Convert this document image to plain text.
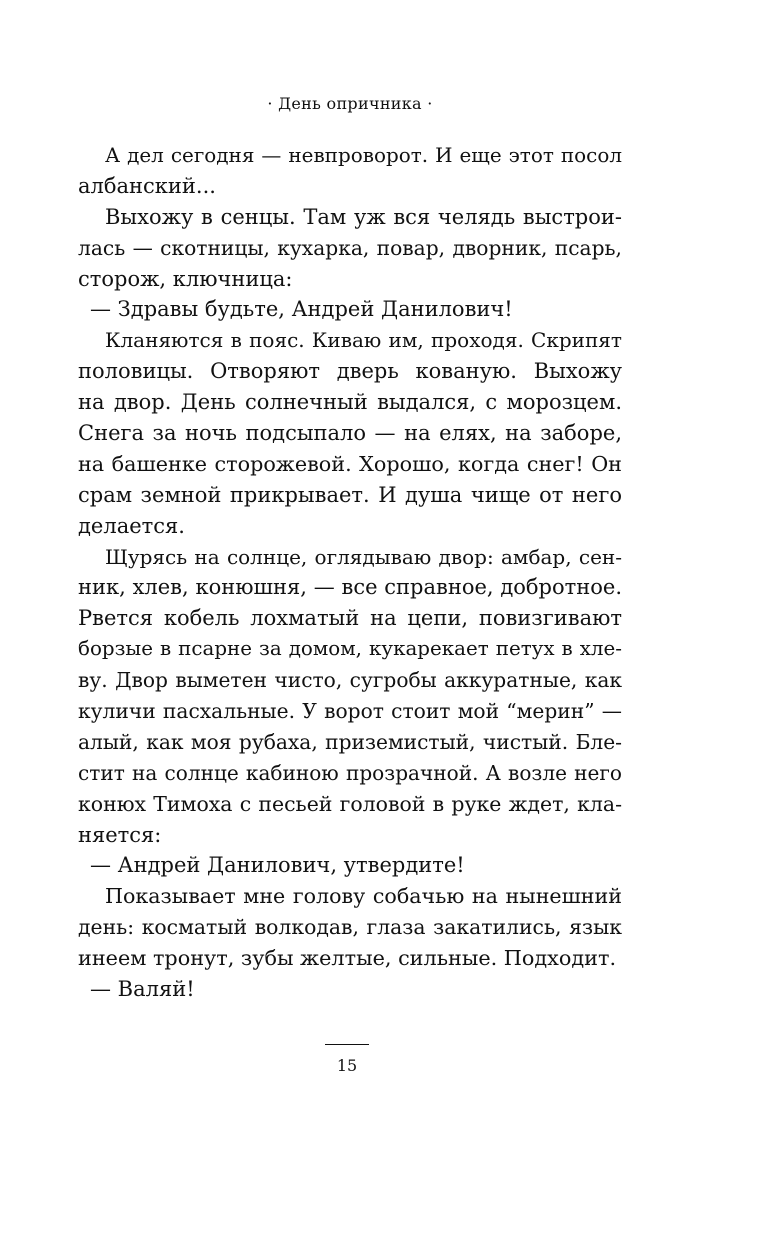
· День опричника ·
А дел сегодня — невпроворот. И еще этот посол
албанский...
Выхожу в сенцы. Там уж вся челядь выстрои-
лась — скотницы, кухарка, повар, дворник, псарь,
сторож, ключница:
— Здравы будьте, Андрей Данилович!
Кланяются в пояс. Киваю им, проходя. Скрипят
половицы. Отворяют дверь кованую. Выхожу
на двор. День солнечный выдался, с морозцем.
Снега за ночь подсыпало — на елях, на заборе,
на башенке сторожевой. Хорошо, когда снег! Он
срам земной прикрывает. И душа чище от него
делается.
Щурясь на солнце, оглядываю двор: амбар, сен-
ник, хлев, конюшня, — все справное, добротное.
Рвется кобель лохматый на цепи, повизгивают
борзые в псарне за домом, кукарекает петух в хле-
ву. Двор выметен чисто, сугробы аккуратные, как
куличи пасхальные. У ворот стоит мой “мерин” —
алый, как моя рубаха, приземистый, чистый. Бле-
стит на солнце кабиною прозрачной. А возле него
конюх Тимоха с песьей головой в руке ждет, кла-
няется:
— Андрей Данилович, утвердите!
Показывает мне голову собачью на нынешний
день: косматый волкодав, глаза закатились, язык
инеем тронут, зубы желтые, сильные. Подходит.
— Валяй!
15
